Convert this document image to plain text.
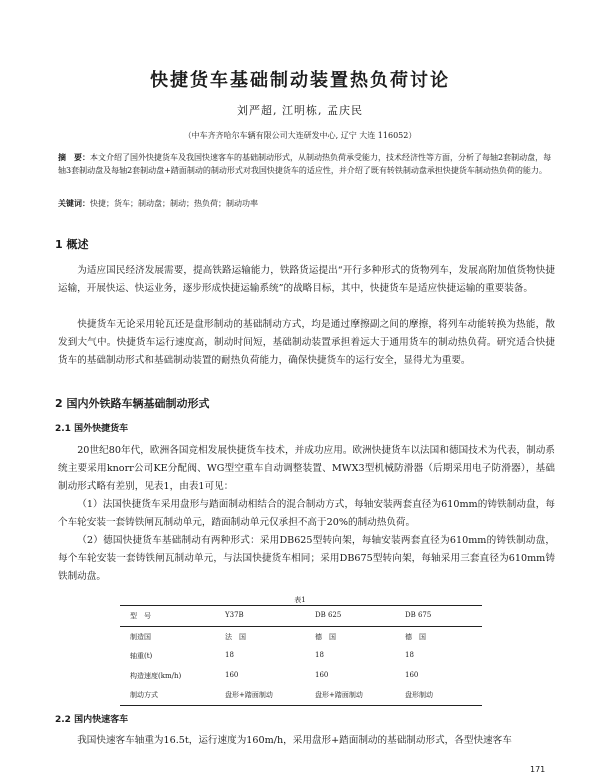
快捷货车基础制动装置热负荷讨论
刘严超, 江明栋, 孟庆民
（中车齐齐哈尔车辆有限公司大连研发中心, 辽宁 大连 116052）
摘　要：本文介绍了国外快捷货车及我国快速客车的基础制动形式，从制动热负荷承受能力，技术经济性等方面，分析了每轴2套制动盘，每轴3套制动盘及每轴2套制动盘+踏面制动的制动形式对我国快捷货车的适应性，并介绍了既有转铁制动盘承担快捷货车制动热负荷的能力。
关键词：快捷；货车；制动盘；制动；热负荷；制动功率
1 概述
为适应国民经济发展需要，提高铁路运输能力，铁路货运提出“开行多种形式的货物列车，发展高附加值货物快捷运输，开展快运、快运业务，逐步形成快捷运输系统”的战略目标，其中，快捷货车是适应快捷运输的重要装备。
快捷货车无论采用轮瓦还是盘形制动的基础制动方式，均是通过摩擦副之间的摩擦，将列车动能转换为热能，散发到大气中。快捷货车运行速度高，制动时间短，基础制动装置承担着远大于通用货车的制动热负荷。研究适合快捷货车的基础制动形式和基础制动装置的耐热负荷能力，确保快捷货车的运行安全，显得尤为重要。
2 国内外铁路车辆基础制动形式
2.1 国外快捷货车
20世纪80年代，欧洲各国竞相发展快捷货车技术，并成功应用。欧洲快捷货车以法国和德国技术为代表，制动系统主要采用knorr公司KE分配阀、WG型空重车自动调整装置、MWX3型机械防滑器（后期采用电子防滑器），基础制动形式略有差别，见表1，由表1可见：
（1）法国快捷货车采用盘形与踏面制动相结合的混合制动方式，每轴安装两套直径为610mm的铸铁制动盘，每个车轮安装一套铸铁闸瓦制动单元，踏面制动单元仅承担不高于20%的制动热负荷。
（2）德国快捷货车基础制动有两种形式：采用DB625型转向架，每轴安装两套直径为610mm的铸铁制动盘，每个车轮安装一套铸铁闸瓦制动单元，与法国快捷货车相同；采用DB675型转向架，每轴采用三套直径为610mm铸铁制动盘。
表1
型　号	Y37B	DB 625	DB 675
制造国	法　国	德　国	德　国
轴重(t)	18	18	18
构造速度(km/h)	160	160	160
制动方式	盘形+踏面制动	盘形+踏面制动	盘形制动
2.2 国内快速客车
我国快速客车轴重为16.5t，运行速度为160m/h，采用盘形+踏面制动的基础制动形式，各型快速客车
171
